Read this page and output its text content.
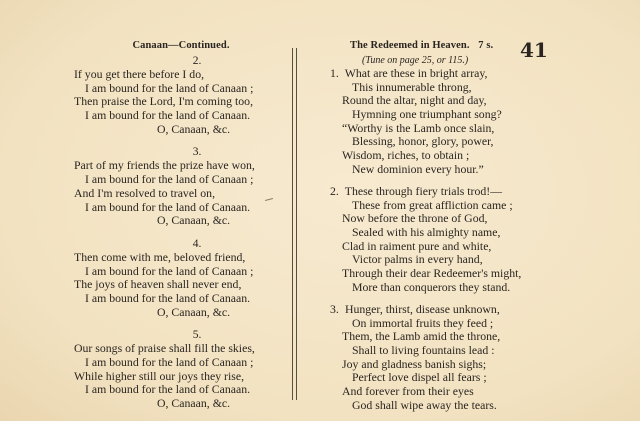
41
Canaan—Continued.
2.
If you get there before I do,
I am bound for the land of Canaan ;
Then praise the Lord, I'm coming too,
I am bound for the land of Canaan.
O, Canaan, &c.
3.
Part of my friends the prize have won,
I am bound for the land of Canaan ;
And I'm resolved to travel on,
I am bound for the land of Canaan.
O, Canaan, &c.
4.
Then come with me, beloved friend,
I am bound for the land of Canaan ;
The joys of heaven shall never end,
I am bound for the land of Canaan.
O, Canaan, &c.
5.
Our songs of praise shall fill the skies,
I am bound for the land of Canaan ;
While higher still our joys they rise,
I am bound for the land of Canaan.
O, Canaan, &c.
The Redeemed in Heaven. 7 s.
(Tune on page 25, or 115.)
1. What are these in bright array,
This innumerable throng,
Round the altar, night and day,
Hymning one triumphant song?
“Worthy is the Lamb once slain,
Blessing, honor, glory, power,
Wisdom, riches, to obtain ;
New dominion every hour.”
2. These through fiery trials trod!—
These from great affliction came ;
Now before the throne of God,
Sealed with his almighty name,
Clad in raiment pure and white,
Victor palms in every hand,
Through their dear Redeemer's might,
More than conquerors they stand.
3. Hunger, thirst, disease unknown,
On immortal fruits they feed ;
Them, the Lamb amid the throne,
Shall to living fountains lead :
Joy and gladness banish sighs;
Perfect love dispel all fears ;
And forever from their eyes
God shall wipe away the tears.
